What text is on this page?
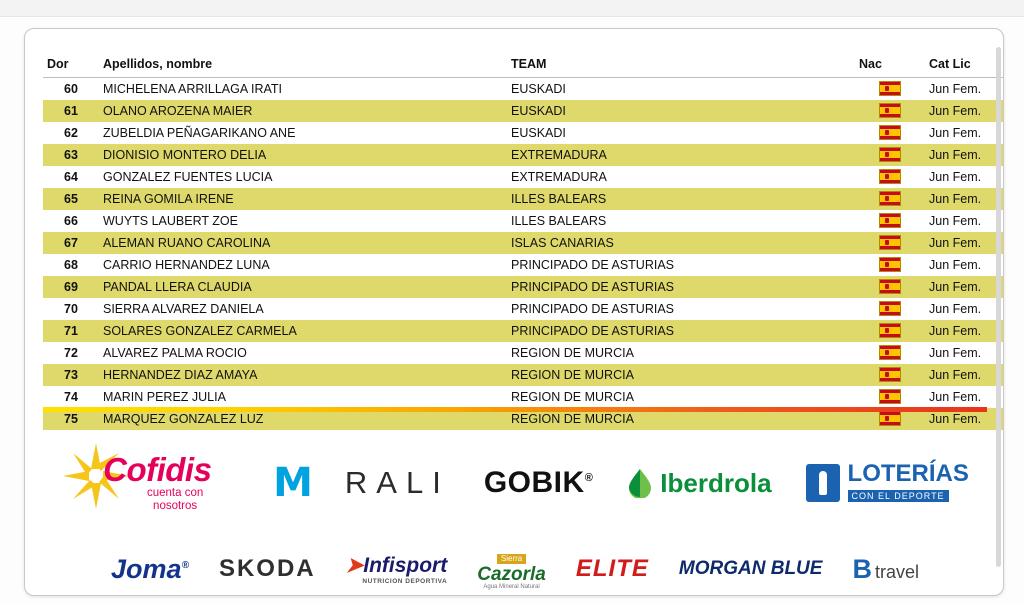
Dor	Apellidos, nombre	TEAM	Nac	Cat Lic
60	MICHELENA ARRILLAGA IRATI	EUSKADI		Jun Fem.
61	OLANO AROZENA MAIER	EUSKADI		Jun Fem.
62	ZUBELDIA PEÑAGARIKANO ANE	EUSKADI		Jun Fem.
63	DIONISIO MONTERO DELIA	EXTREMADURA		Jun Fem.
64	GONZALEZ FUENTES LUCIA	EXTREMADURA		Jun Fem.
65	REINA GOMILA IRENE	ILLES BALEARS		Jun Fem.
66	WUYTS LAUBERT ZOE	ILLES BALEARS		Jun Fem.
67	ALEMAN RUANO CAROLINA	ISLAS CANARIAS		Jun Fem.
68	CARRIO HERNANDEZ LUNA	PRINCIPADO DE ASTURIAS		Jun Fem.
69	PANDAL LLERA CLAUDIA	PRINCIPADO DE ASTURIAS		Jun Fem.
70	SIERRA ALVAREZ DANIELA	PRINCIPADO DE ASTURIAS		Jun Fem.
71	SOLARES GONZALEZ CARMELA	PRINCIPADO DE ASTURIAS		Jun Fem.
72	ALVAREZ PALMA ROCIO	REGION DE MURCIA		Jun Fem.
73	HERNANDEZ DIAZ AMAYA	REGION DE MURCIA		Jun Fem.
74	MARIN PEREZ JULIA	REGION DE MURCIA		Jun Fem.
75	MARQUEZ GONZALEZ LUZ	REGION DE MURCIA		Jun Fem.
Cofidis
cuenta con
nosotros	M RALI GOBIK®	Iberdrola	LOTERÍAS
CON EL DEPORTE
Joma® SKODA ➤Infisport
NUTRICION DEPORTIVA
Sierra
Cazorla
Agua Mineral Natural
ELITE MORGAN BLUE B travel
